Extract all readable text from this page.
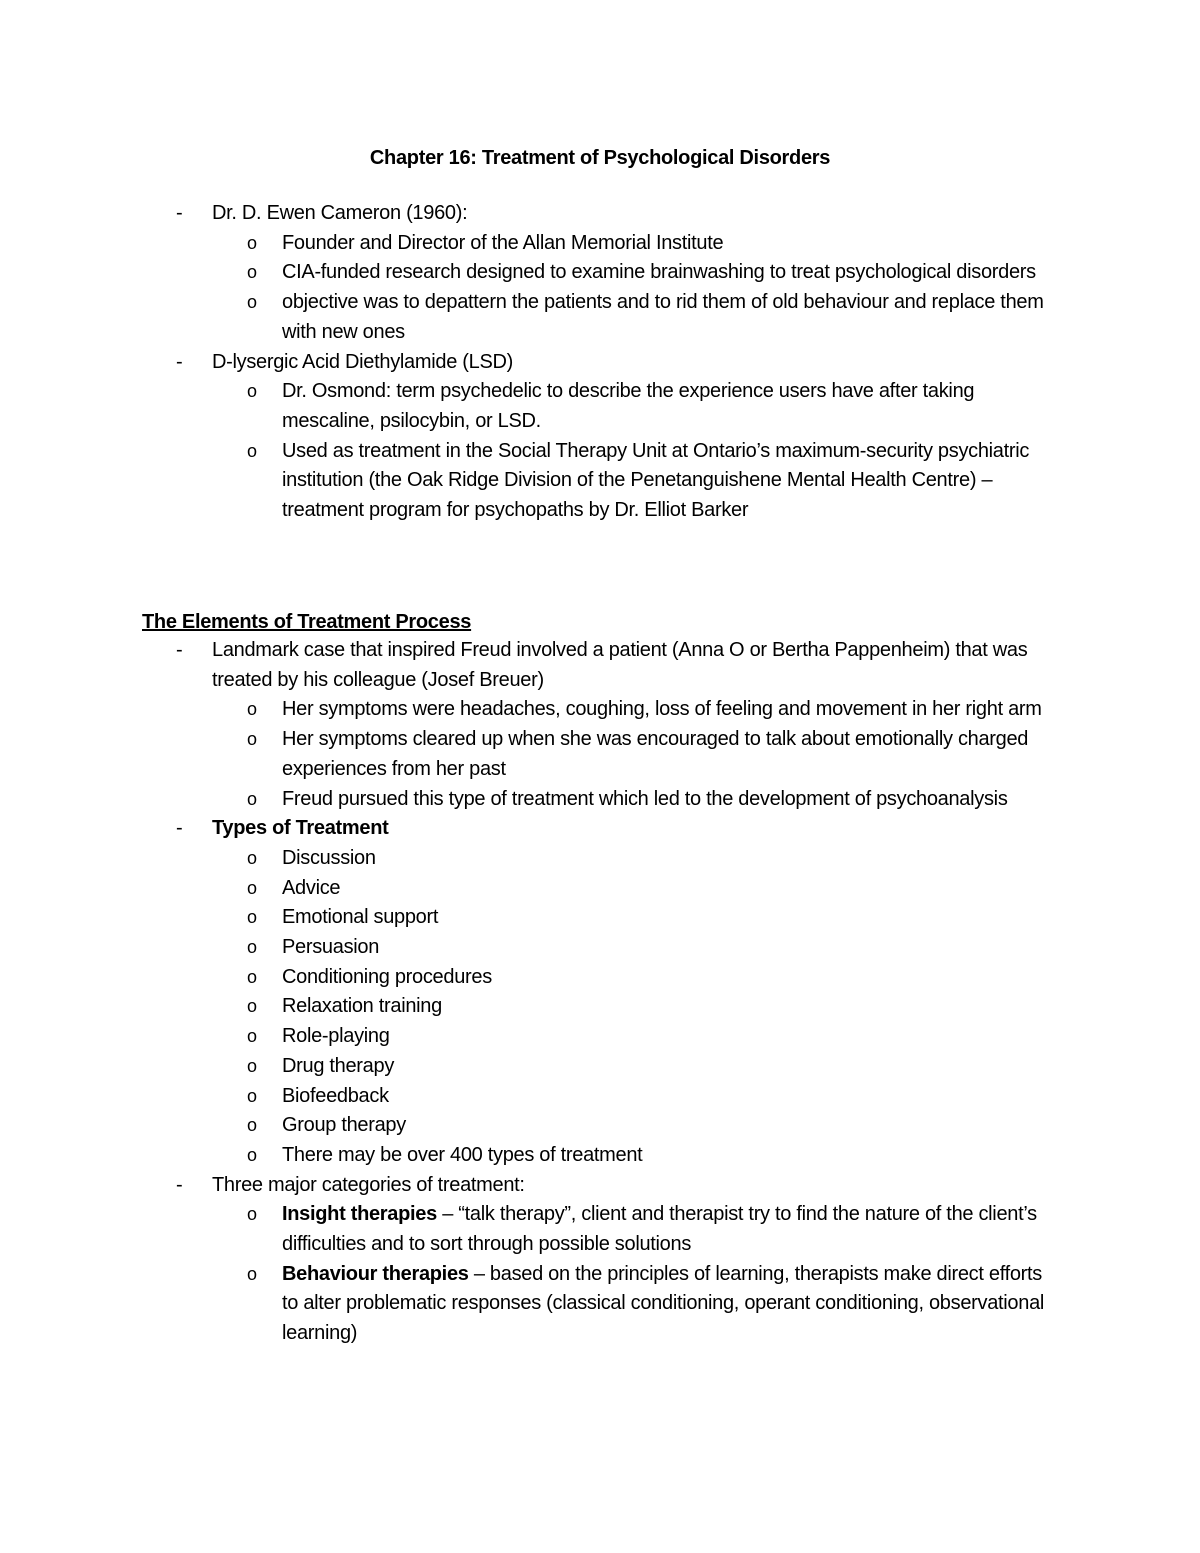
Chapter 16: Treatment of Psychological Disorders
- Dr. D. Ewen Cameron (1960):
o Founder and Director of the Allan Memorial Institute
o CIA-funded research designed to examine brainwashing to treat psychological disorders
o objective was to depattern the patients and to rid them of old behaviour and replace them with new ones
- D-lysergic Acid Diethylamide (LSD)
o Dr. Osmond: term psychedelic to describe the experience users have after taking mescaline, psilocybin, or LSD.
o Used as treatment in the Social Therapy Unit at Ontario’s maximum-security psychiatric institution (the Oak Ridge Division of the Penetanguishene Mental Health Centre) – treatment program for psychopaths by Dr. Elliot Barker
The Elements of Treatment Process
- Landmark case that inspired Freud involved a patient (Anna O or Bertha Pappenheim) that was treated by his colleague (Josef Breuer)
o Her symptoms were headaches, coughing, loss of feeling and movement in her right arm
o Her symptoms cleared up when she was encouraged to talk about emotionally charged experiences from her past
o Freud pursued this type of treatment which led to the development of psychoanalysis
- Types of Treatment
o Discussion
o Advice
o Emotional support
o Persuasion
o Conditioning procedures
o Relaxation training
o Role-playing
o Drug therapy
o Biofeedback
o Group therapy
o There may be over 400 types of treatment
- Three major categories of treatment:
o Insight therapies – “talk therapy”, client and therapist try to find the nature of the client’s difficulties and to sort through possible solutions
o Behaviour therapies – based on the principles of learning, therapists make direct efforts to alter problematic responses (classical conditioning, operant conditioning, observational learning)
